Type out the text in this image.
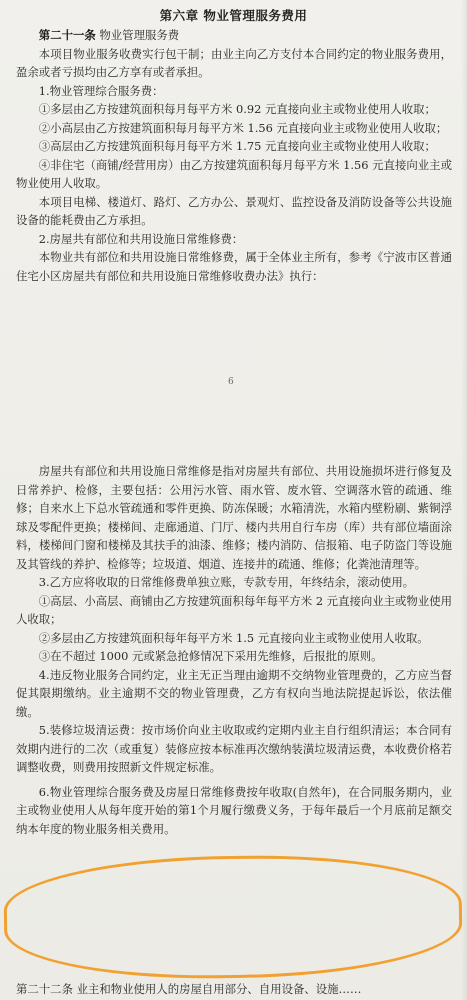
第六章 物业管理服务费用
第二十一条 物业管理服务费
本项目物业服务收费实行包干制；由业主向乙方支付本合同约定的物业服务费用，盈余或者亏损均由乙方享有或者承担。
1.物业管理综合服务费：
①多层由乙方按建筑面积每月每平方米 0.92 元直接向业主或物业使用人收取；
②小高层由乙方按建筑面积每月每平方米 1.56 元直接向业主或物业使用人收取；
③高层由乙方按建筑面积每月每平方米 1.75 元直接向业主或物业使用人收取；
④非住宅（商铺/经营用房）由乙方按建筑面积每月每平方米 1.56 元直接向业主或物业使用人收取。
本项目电梯、楼道灯、路灯、乙方办公、景观灯、监控设备及消防设备等公共设施设备的能耗费由乙方承担。
2.房屋共有部位和共用设施日常维修费：
本物业共有部位和共用设施日常维修费，属于全体业主所有，参考《宁波市区普通住宅小区房屋共有部位和共用设施日常维修收费办法》执行：
6
房屋共有部位和共用设施日常维修是指对房屋共有部位、共用设施损坏进行修复及日常养护、检修，主要包括：公用污水管、雨水管、废水管、空调落水管的疏通、维修；自来水上下总水管疏通和零件更换、防冻保暖；水箱清洗，水箱内壁粉刷、紫铜浮球及零配件更换；楼梯间、走廊通道、门厅、楼内共用自行车房（库）共有部位墙面涂料，楼梯间门窗和楼梯及其扶手的油漆、维修；楼内消防、信报箱、电子防盗门等设施及其管线的养护、检修等；垃圾道、烟道、连接井的疏通、维修；化粪池清理等。
3.乙方应将收取的日常维修费单独立账，专款专用，年终结余，滚动使用。
①高层、小高层、商铺由乙方按建筑面积每年每平方米 2 元直接向业主或物业使用人收取；
②多层由乙方按建筑面积每年每平方米 1.5 元直接向业主或物业使用人收取。
③在不超过 1000 元或紧急抢修情况下采用先维修，后报批的原则。
4.违反物业服务合同约定，业主无正当理由逾期不交纳物业管理费的，乙方应当督促其限期缴纳。业主逾期不交的物业管理费，乙方有权向当地法院提起诉讼，依法催缴。
5.装修垃圾清运费：按市场价向业主收取或约定期内业主自行组织清运；本合同有效期内进行的二次（或重复）装修应按本标准再次缴纳装潢垃圾清运费，本收费价格若调整收费，则费用按照新文件规定标准。
6.物业管理综合服务费及房屋日常维修费按年收取(自然年)，在合同服务期内，业主或物业使用人从每年度开始的第1个月履行缴费义务，于每年最后一个月底前足额交纳本年度的物业服务相关费用。
第二十二条 业主和物业使用人的房屋自用部分、自用设备、设施……
